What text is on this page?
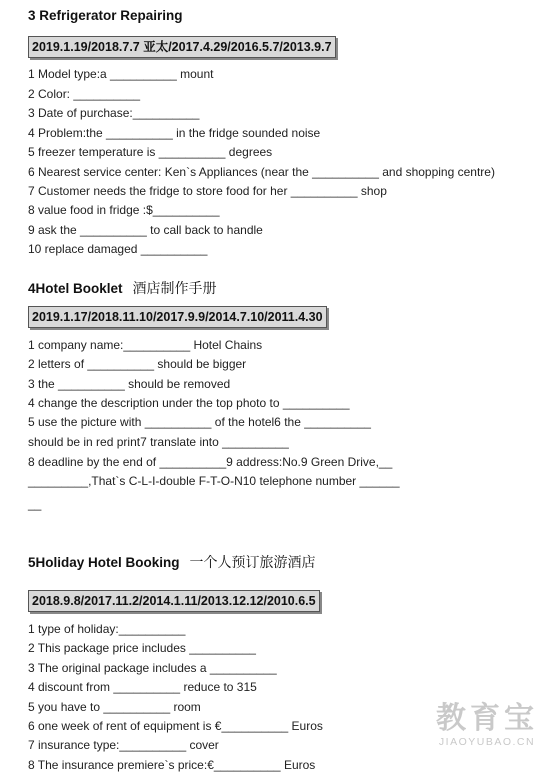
3 Refrigerator Repairing
2019.1.19/2018.7.7 亚太/2017.4.29/2016.5.7/2013.9.7
1 Model type:a __________ mount
2 Color: __________
3 Date of purchase:__________
4 Problem:the __________ in the fridge sounded noise
5 freezer temperature is __________ degrees
6 Nearest service center: Ken`s Appliances (near the __________ and shopping centre)
7 Customer needs the fridge to store food for her __________ shop
8 value food in fridge :$__________
9 ask the __________ to call back to handle
10 replace damaged __________
4Hotel Booklet 酒店制作手册
2019.1.17/2018.11.10/2017.9.9/2014.7.10/2011.4.30
1 company name:__________ Hotel Chains
2 letters of __________ should be bigger
3 the __________ should be removed
4 change the description under the top photo to __________
5 use the picture with __________ of the hotel6 the __________
should be in red print7 translate into __________
8 deadline by the end of __________9 address:No.9 Green Drive,__
_________,That`s C-L-I-double F-T-O-N10 telephone number ______
__
5Holiday Hotel Booking 一个人预订旅游酒店
2018.9.8/2017.11.2/2014.1.11/2013.12.12/2010.6.5
1 type of holiday:__________
2 This package price includes __________
3 The original package includes a __________
4 discount from __________ reduce to 315
5 you have to __________ room
6 one week of rent of equipment is €__________ Euros
7 insurance type:__________ cover
8 The insurance premiere`s price:€__________ Euros
教育宝
JIAOYUBAO.CN
